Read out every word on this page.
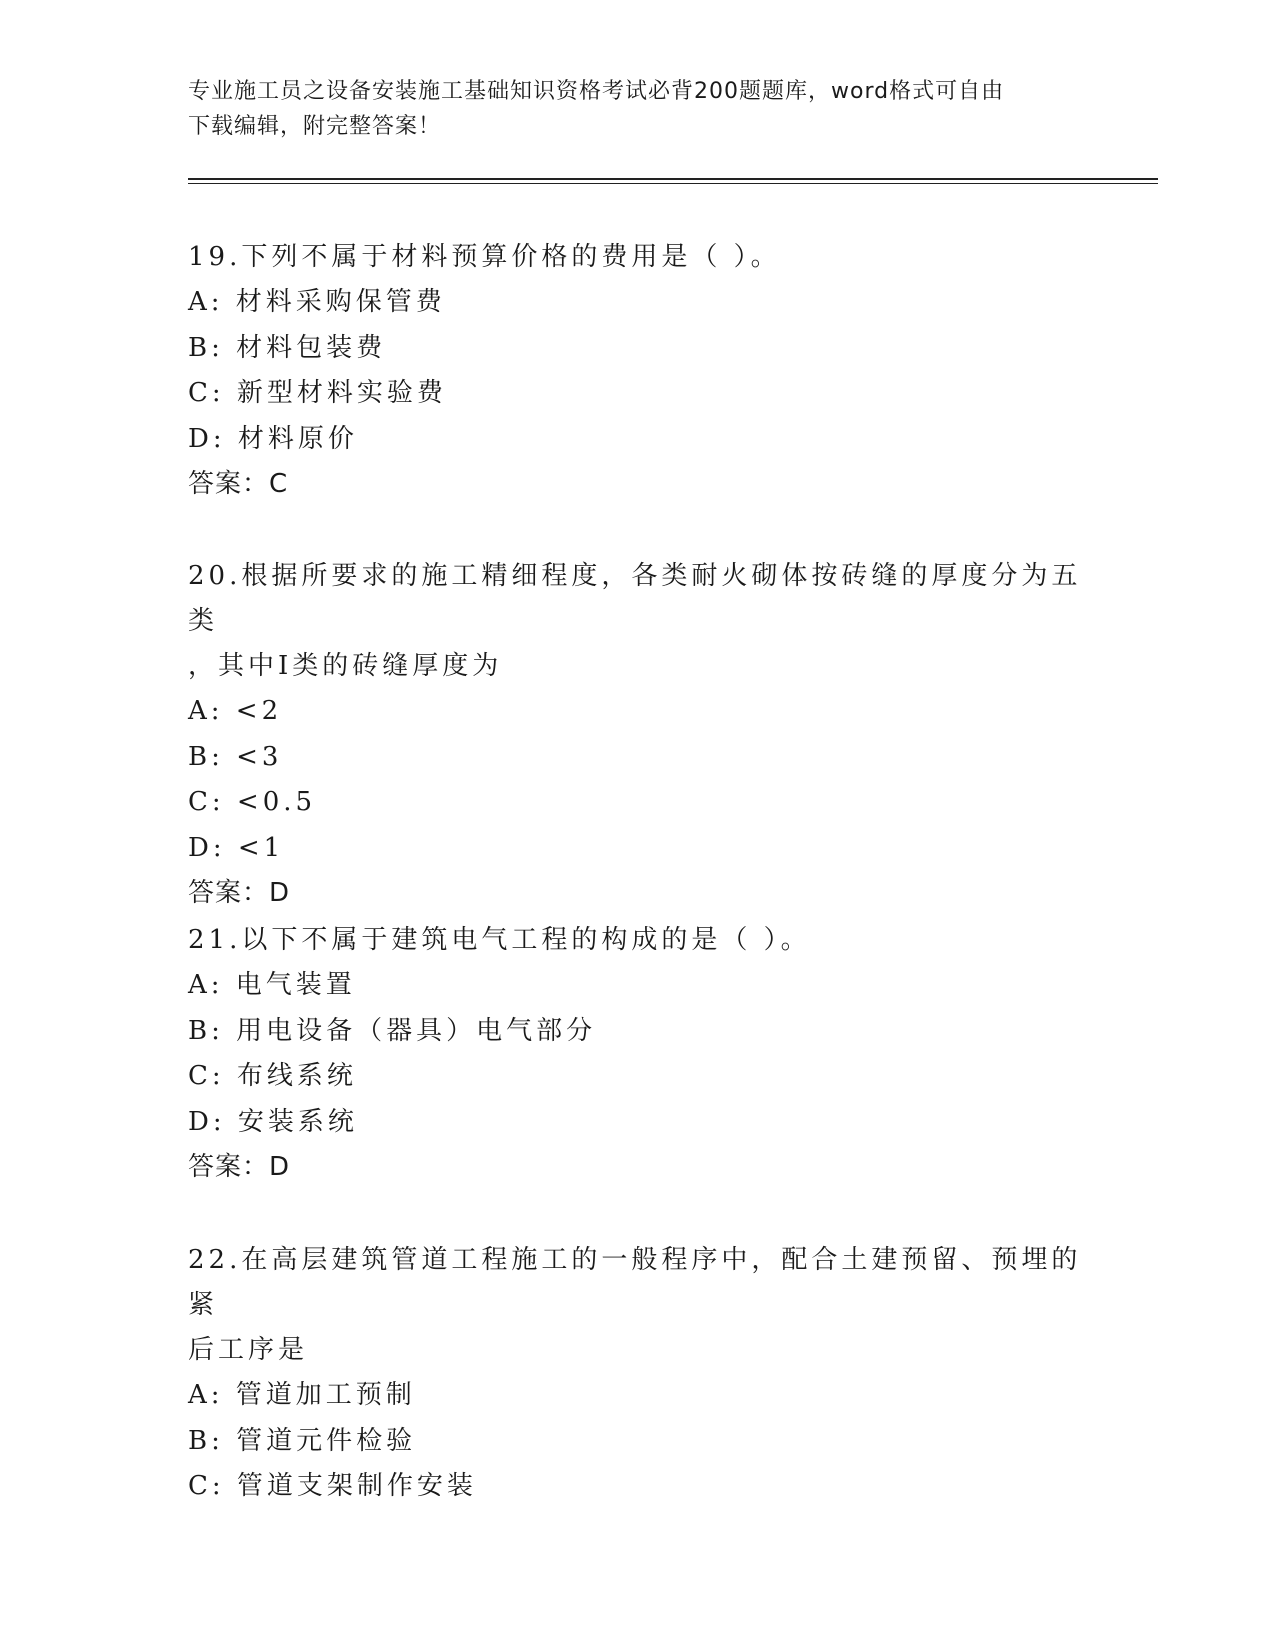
专业施工员之设备安装施工基础知识资格考试必背200题题库，word格式可自由
下载编辑，附完整答案！

19.下列不属于材料预算价格的费用是（ ）。

A: 材料采购保管费

B: 材料包装费

C: 新型材料实验费

D: 材料原价

答案：C

20.根据所要求的施工精细程度，各类耐火砌体按砖缝的厚度分为五类

，其中Ⅰ类的砖缝厚度为

A: <2

B: <3

C: <0.5

D: <1

答案：D

21.以下不属于建筑电气工程的构成的是（ ）。

A: 电气装置

B: 用电设备（器具）电气部分

C: 布线系统

D: 安装系统

答案：D

22.在高层建筑管道工程施工的一般程序中，配合土建预留、预埋的紧

后工序是

A: 管道加工预制

B: 管道元件检验

C: 管道支架制作安装
